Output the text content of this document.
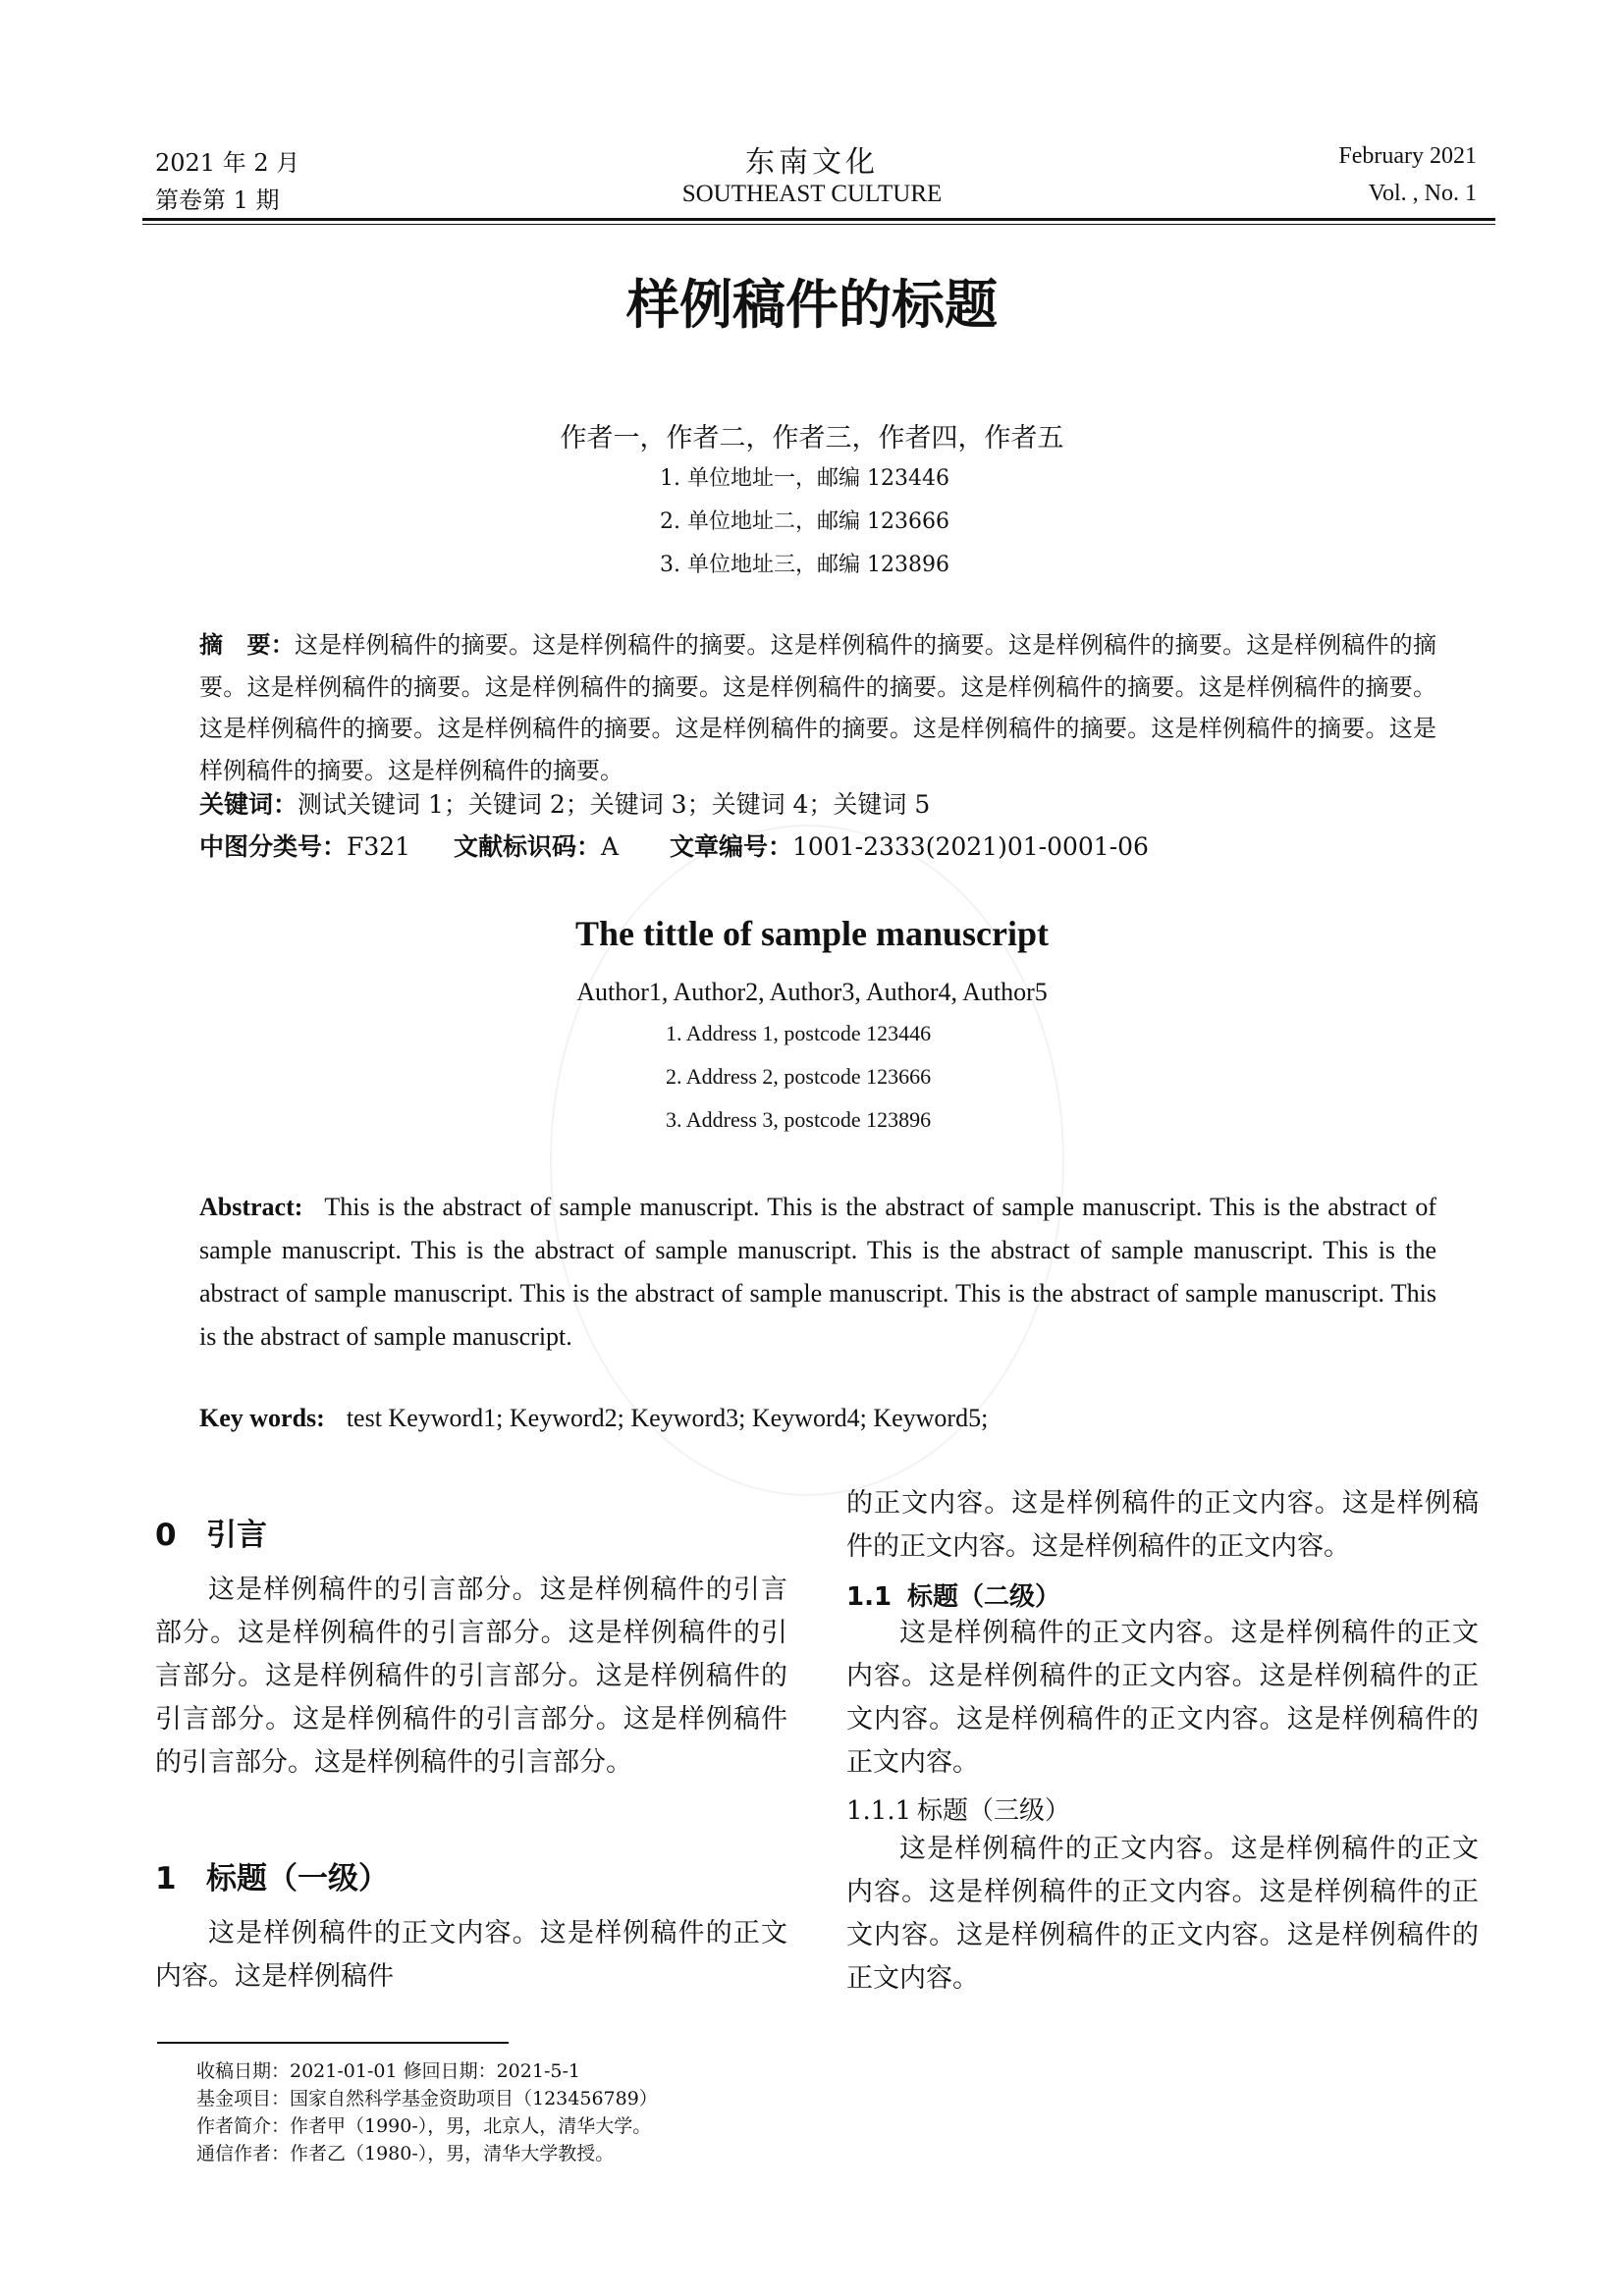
2021 年 2 月
第卷第 1 期
东南文化
SOUTHEAST CULTURE
February 2021
Vol. , No. 1
样例稿件的标题
作者一，作者二，作者三，作者四，作者五
1. 单位地址一，邮编 123446
2. 单位地址二，邮编 123666
3. 单位地址三，邮编 123896
摘　要：这是样例稿件的摘要。这是样例稿件的摘要。这是样例稿件的摘要。这是样例稿件的摘要。这是样例稿件的摘要。这是样例稿件的摘要。这是样例稿件的摘要。这是样例稿件的摘要。这是样例稿件的摘要。这是样例稿件的摘要。这是样例稿件的摘要。这是样例稿件的摘要。这是样例稿件的摘要。这是样例稿件的摘要。这是样例稿件的摘要。这是样例稿件的摘要。这是样例稿件的摘要。
关键词：测试关键词 1；关键词 2；关键词 3；关键词 4；关键词 5
中图分类号：F321 文献标识码：A 文章编号：1001-2333(2021)01-0001-06
The tittle of sample manuscript
Author1, Author2, Author3, Author4, Author5
1. Address 1, postcode 123446
2. Address 2, postcode 123666
3. Address 3, postcode 123896
Abstract: This is the abstract of sample manuscript. This is the abstract of sample manuscript. This is the abstract of sample manuscript. This is the abstract of sample manuscript. This is the abstract of sample manuscript. This is the abstract of sample manuscript. This is the abstract of sample manuscript. This is the abstract of sample manuscript. This is the abstract of sample manuscript.
Key words: test Keyword1; Keyword2; Keyword3; Keyword4; Keyword5;
0 引言

这是样例稿件的引言部分。这是样例稿件的引言部分。这是样例稿件的引言部分。这是样例稿件的引言部分。这是样例稿件的引言部分。这是样例稿件的引言部分。这是样例稿件的引言部分。这是样例稿件的引言部分。这是样例稿件的引言部分。

1 标题（一级）

这是样例稿件的正文内容。这是样例稿件的正文内容。这是样例稿件

的正文内容。这是样例稿件的正文内容。这是样例稿件的正文内容。这是样例稿件的正文内容。
1.1 标题（二级）

这是样例稿件的正文内容。这是样例稿件的正文内容。这是样例稿件的正文内容。这是样例稿件的正文内容。这是样例稿件的正文内容。这是样例稿件的正文内容。

1.1.1 标题（三级）

这是样例稿件的正文内容。这是样例稿件的正文内容。这是样例稿件的正文内容。这是样例稿件的正文内容。这是样例稿件的正文内容。这是样例稿件的正文内容。

收稿日期：2021-01-01 修回日期：2021-5-1
基金项目：国家自然科学基金资助项目（123456789）
作者简介：作者甲（1990-），男，北京人，清华大学。
通信作者：作者乙（1980-），男，清华大学教授。
